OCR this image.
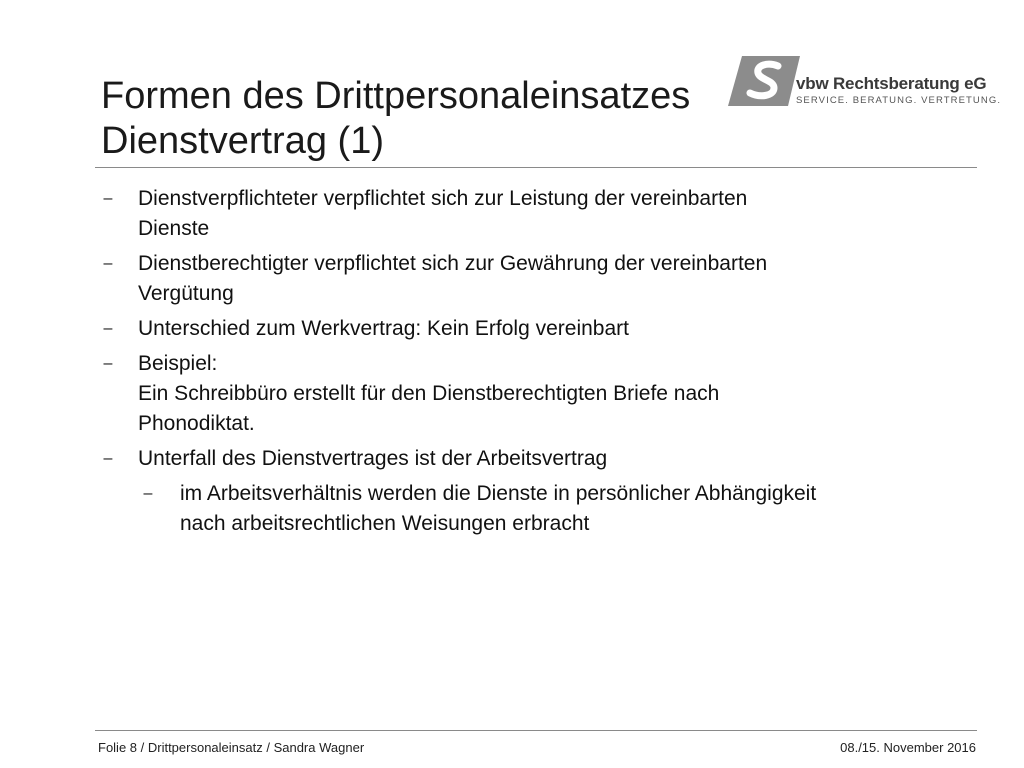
Formen des Drittpersonaleinsatzes
Dienstvertrag (1)
vbw Rechtsberatung eG
SERVICE. BERATUNG. VERTRETUNG.
– Dienstverpflichteter verpflichtet sich zur Leistung der vereinbarten
Dienste
– Dienstberechtigter verpflichtet sich zur Gewährung der vereinbarten
Vergütung
– Unterschied zum Werkvertrag: Kein Erfolg vereinbart
– Beispiel:
Ein Schreibbüro erstellt für den Dienstberechtigten Briefe nach
Phonodiktat.
– Unterfall des Dienstvertrages ist der Arbeitsvertrag
– im Arbeitsverhältnis werden die Dienste in persönlicher Abhängigkeit
nach arbeitsrechtlichen Weisungen erbracht
Folie 8 / Drittpersonaleinsatz / Sandra Wagner	08./15. November 2016
